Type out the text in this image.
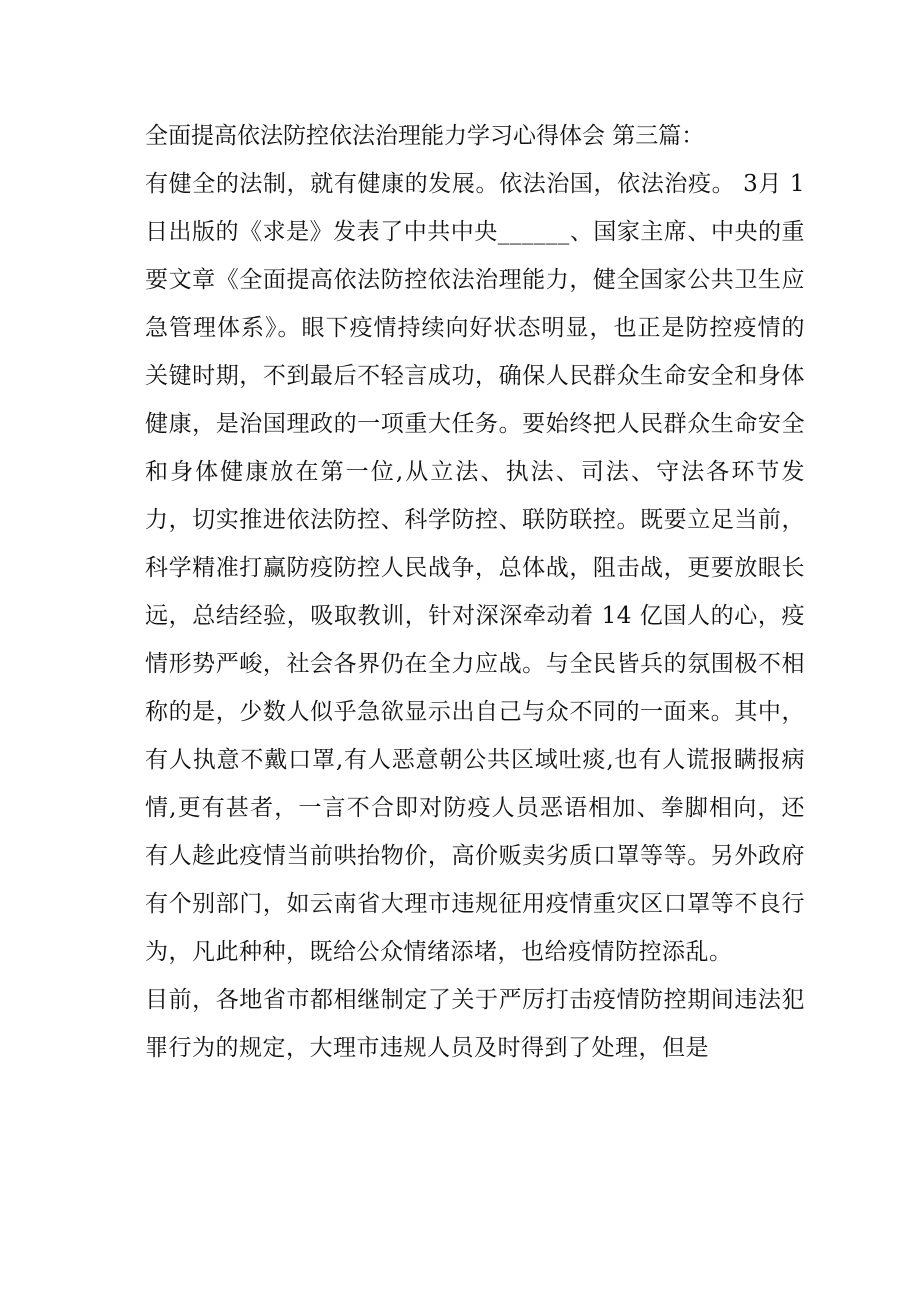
全面提高依法防控依法治理能力学习心得体会 第三篇：

有健全的法制，就有健康的发展。依法治国，依法治疫。 3月 1 日出版的《求是》发表了中共中央______、国家主席、中央的重要文章《全面提高依法防控依法治理能力，健全国家公共卫生应急管理体系》。眼下疫情持续向好状态明显，也正是防控疫情的关键时期，不到最后不轻言成功，确保人民群众生命安全和身体健康，是治国理政的一项重大任务。要始终把人民群众生命安全和身体健康放在第一位,从立法、执法、司法、守法各环节发力，切实推进依法防控、科学防控、联防联控。既要立足当前，科学精准打赢防疫防控人民战争，总体战，阻击战，更要放眼长远，总结经验，吸取教训，针对深深牵动着 14 亿国人的心，疫情形势严峻，社会各界仍在全力应战。与全民皆兵的氛围极不相称的是，少数人似乎急欲显示出自己与众不同的一面来。其中，有人执意不戴口罩,有人恶意朝公共区域吐痰,也有人谎报瞒报病情,更有甚者，一言不合即对防疫人员恶语相加、拳脚相向，还有人趁此疫情当前哄抬物价，高价贩卖劣质口罩等等。另外政府有个别部门，如云南省大理市违规征用疫情重灾区口罩等不良行为，凡此种种，既给公众情绪添堵，也给疫情防控添乱。

目前，各地省市都相继制定了关于严厉打击疫情防控期间违法犯罪行为的规定，大理市违规人员及时得到了处理，但是
